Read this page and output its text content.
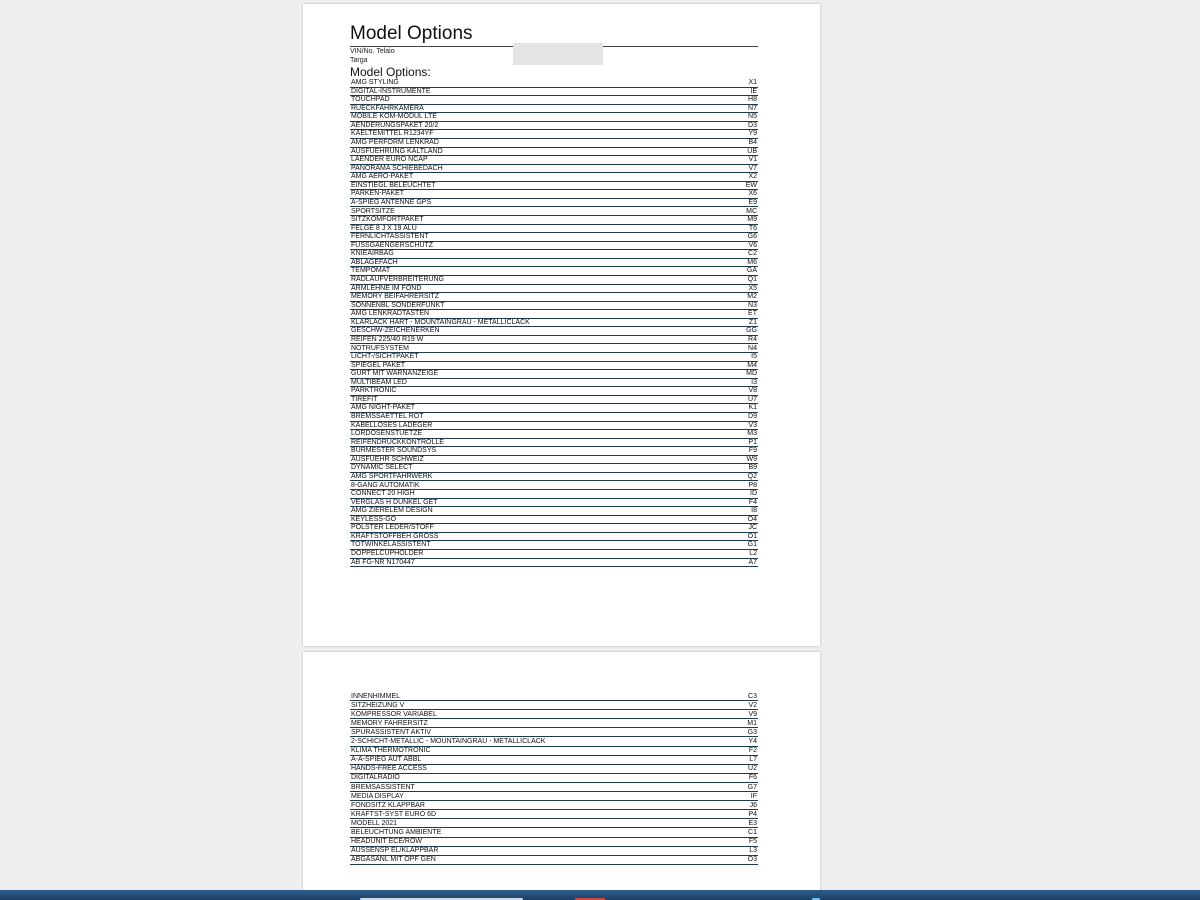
Model Options
VIN/No. Telaio
Targa
Model Options:
AMG STYLING	X1
DIGITAL-INSTRUMENTE	IE
TOUCHPAD	H8
RUECKFAHRKAMERA	N7
MOBILE KOM-MODUL LTE	N5
AENDERUNGSPAKET 20/2	D3
KAELTEMITTEL R1234YF	Y9
AMG PERFORM LENKRAD	B4
AUSFUEHRUNG KALTLAND	UB
LAENDER EURO NCAP	V1
PANORAMA SCHIEBEDACH	V7
AMG AERO-PAKET	X2
EINSTIEGL BELEUCHTET	EW
PARKEN-PAKET	X6
A-SPIEG ANTENNE GPS	E9
SPORTSITZE	MC
SITZKOMFORTPAKET	M9
FELGE 8 J X 19 ALU	T6
FERNLICHTASSISTENT	G6
FUSSGAENGERSCHUTZ	V6
KNIEAIRBAG	C2
ABLAGEFACH	M6
TEMPOMAT	GA
RADLAUFVERBREITERUNG	Q1
ARMLEHNE IM FOND	X5
MEMORY BEIFAHRERSITZ	M2
SONNENBL SONDERFUNKT	N3
AMG LENKRADTASTEN	ET
KLARLACK HART - MOUNTAINGRAU - METALLICLACK	Z1
GESCHW-ZEICHENERKEN	GG
REIFEN 225/40 R19 W	R4
NOTRUFSYSTEM	N4
LICHT-/SICHTPAKET	I5
SPIEGEL PAKET	M4
GURT MIT WARNANZEIGE	MD
MULTIBEAM LED	I3
PARKTRONIC	V8
TIREFIT	U7
AMG NIGHT-PAKET	K1
BREMSSAETTEL ROT	D9
KABELLOSES LADEGER	V3
LORDOSENSTUETZE	M3
REIFENDRUCKKONTROLLE	P1
BURMESTER SOUNDSYS	F9
AUSFUEHR SCHWEIZ	W9
DYNAMIC SELECT	B9
AMG SPORTFAHRWERK	Q2
8-GANG AUTOMATIK	P8
CONNECT 20 HIGH	ID
VERGLAS H DUNKEL GET	F4
AMG ZIERELEM DESIGN	I8
KEYLESS-GO	O4
POLSTER LEDER/STOFF	JC
KRAFTSTOFFBEH GROSS	O1
TOTWINKELASSISTENT	G1
DOPPELCUPHOLDER	L2
AB FG-NR N170447	A7
INNENHIMMEL	C3
SITZHEIZUNG V	V2
KOMPRESSOR VARIABEL	V9
MEMORY FAHRERSITZ	M1
SPURASSISTENT AKTIV	G3
2-SCHICHT-METALLIC - MOUNTAINGRAU - METALLICLACK	Y4
KLIMA THERMOTRONIC	F2
A-A-SPIEG AUT ABBL	L7
HANDS-FREE ACCESS	U2
DIGITALRADIO	F6
BREMSASSISTENT	G7
MEDIA DISPLAY	IF
FONDSITZ KLAPPBAR	J6
KRAFTST-SYST EURO 6D	P4
MODELL 2021	E3
BELEUCHTUNG AMBIENTE	C1
HEADUNIT ECE/ROW	F5
AUSSENSP EL/KLAPPBAR	L3
ABGASANL MIT OPF GEN	O3
